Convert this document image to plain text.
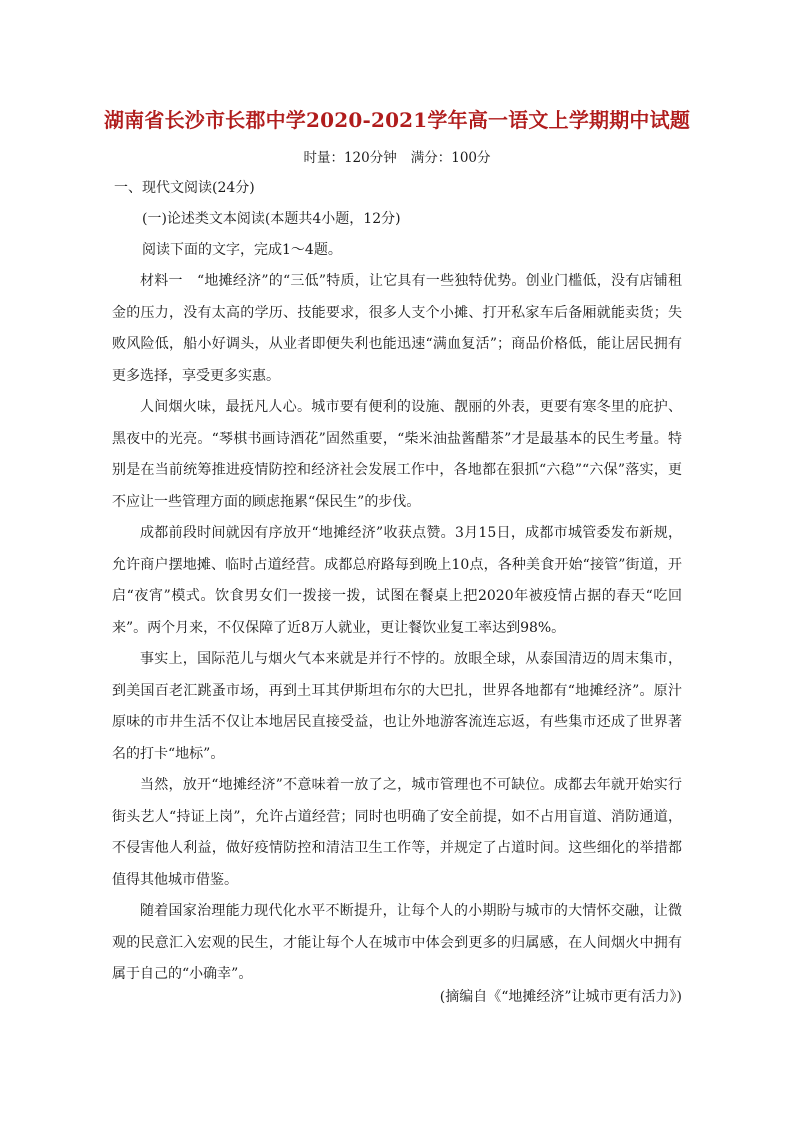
湖南省长沙市长郡中学2020-2021学年高一语文上学期期中试题
时量：120分钟 满分：100分
一、现代文阅读(24分)
(一)论述类文本阅读(本题共4小题，12分)
阅读下面的文字，完成1～4题。

材料一　“地摊经济”的“三低”特质，让它具有一些独特优势。创业门槛低，没有店铺租金的压力，没有太高的学历、技能要求，很多人支个小摊、打开私家车后备厢就能卖货；失败风险低，船小好调头，从业者即便失利也能迅速“满血复活”；商品价格低，能让居民拥有更多选择，享受更多实惠。

人间烟火味，最抚凡人心。城市要有便利的设施、靓丽的外表，更要有寒冬里的庇护、黑夜中的光亮。“琴棋书画诗酒花”固然重要，“柴米油盐酱醋茶”才是最基本的民生考量。特别是在当前统筹推进疫情防控和经济社会发展工作中，各地都在狠抓“六稳”“六保”落实，更不应让一些管理方面的顾虑拖累“保民生”的步伐。

成都前段时间就因有序放开“地摊经济”收获点赞。3月15日，成都市城管委发布新规，允许商户摆地摊、临时占道经营。成都总府路每到晚上10点，各种美食开始“接管”街道，开启“夜宵”模式。饮食男女们一拨接一拨，试图在餐桌上把2020年被疫情占据的春天“吃回来”。两个月来，不仅保障了近8万人就业，更让餐饮业复工率达到98%。

事实上，国际范儿与烟火气本来就是并行不悖的。放眼全球，从泰国清迈的周末集市，到美国百老汇跳蚤市场，再到土耳其伊斯坦布尔的大巴扎，世界各地都有“地摊经济”。原汁原味的市井生活不仅让本地居民直接受益，也让外地游客流连忘返，有些集市还成了世界著名的打卡“地标”。

当然，放开“地摊经济”不意味着一放了之，城市管理也不可缺位。成都去年就开始实行街头艺人“持证上岗”，允许占道经营；同时也明确了安全前提，如不占用盲道、消防通道，不侵害他人利益，做好疫情防控和清洁卫生工作等，并规定了占道时间。这些细化的举措都值得其他城市借鉴。

随着国家治理能力现代化水平不断提升，让每个人的小期盼与城市的大情怀交融，让微观的民意汇入宏观的民生，才能让每个人在城市中体会到更多的归属感，在人间烟火中拥有属于自己的“小确幸”。

(摘编自《“地摊经济”让城市更有活力》)
